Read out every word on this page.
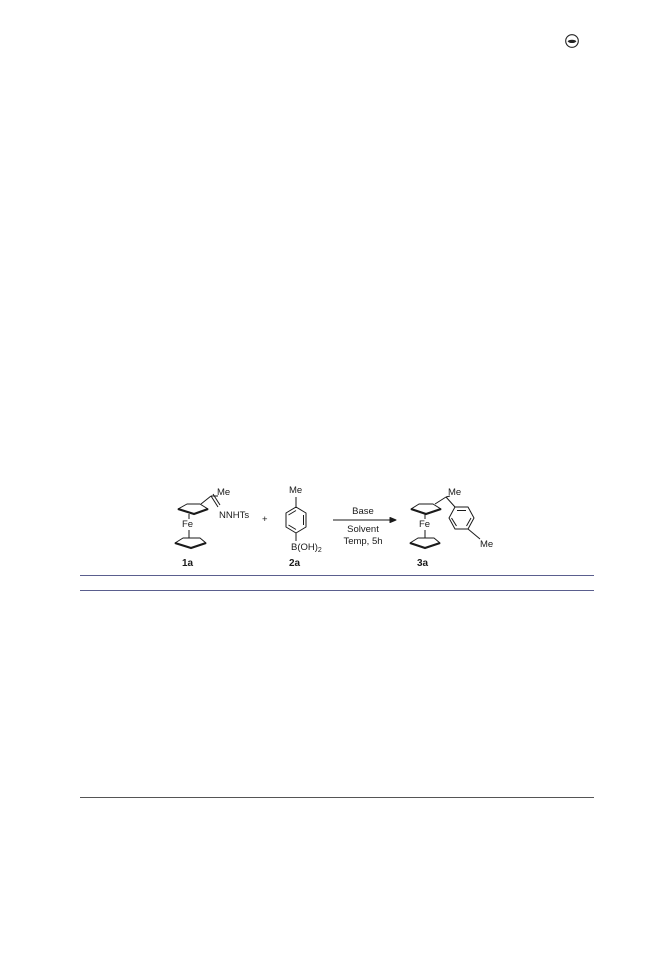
Me
NNHTs
Fe
1a
+
Me
$B(OH)_2$
2a
Base
Solvent
Temp, 5h
Me
Fe
Me
3a
